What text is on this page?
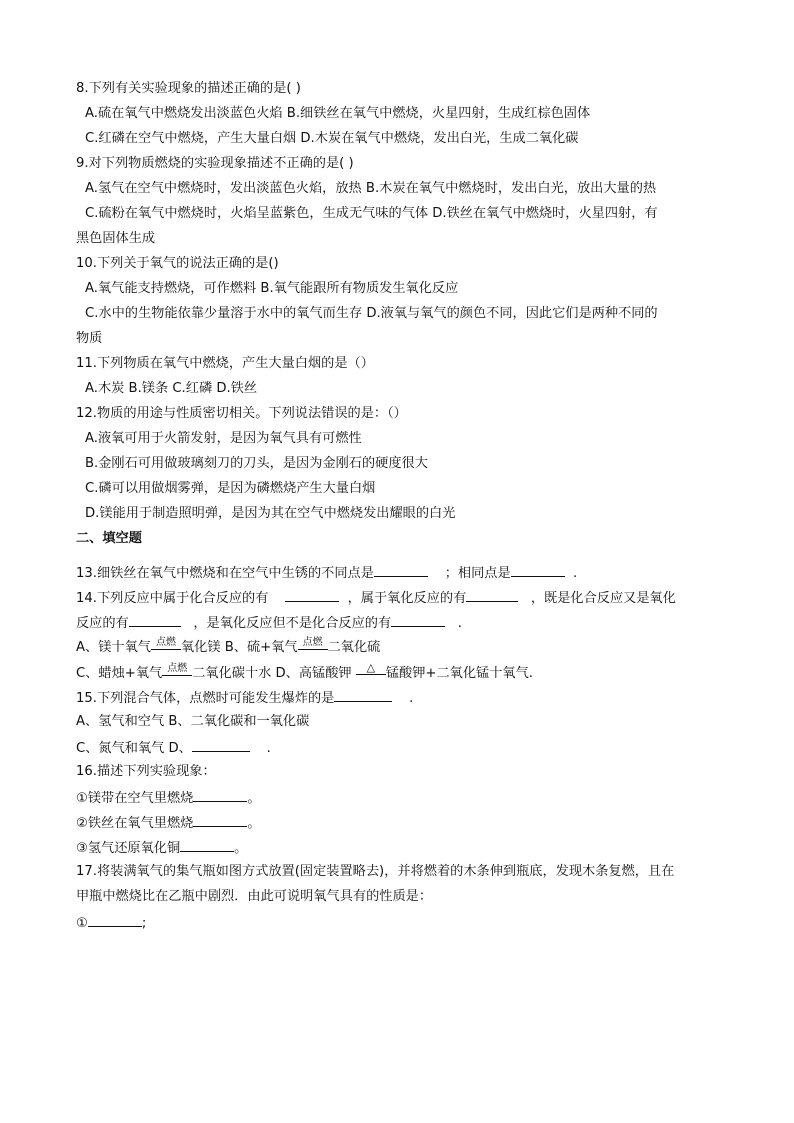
8.下列有关实验现象的描述正确的是( )
A.硫在氧气中燃烧发出淡蓝色火焰 B.细铁丝在氧气中燃烧，火星四射，生成红棕色固体
C.红磷在空气中燃烧，产生大量白烟 D.木炭在氧气中燃烧，发出白光，生成二氧化碳
9.对下列物质燃烧的实验现象描述不正确的是( )
A.氢气在空气中燃烧时，发出淡蓝色火焰，放热 B.木炭在氧气中燃烧时，发出白光，放出大量的热
C.硫粉在氧气中燃烧时，火焰呈蓝紫色，生成无气味的气体 D.铁丝在氧气中燃烧时，火星四射，有
黑色固体生成
10.下列关于氧气的说法正确的是()
A.氧气能支持燃烧，可作燃料 B.氧气能跟所有物质发生氧化反应
C.水中的生物能依靠少量溶于水中的氧气而生存 D.液氧与氧气的颜色不同，因此它们是两种不同的
物质
11.下列物质在氧气中燃烧，产生大量白烟的是（）
A.木炭 B.镁条 C.红磷 D.铁丝
12.物质的用途与性质密切相关。下列说法错误的是：（）
A.液氧可用于火箭发射，是因为氧气具有可燃性
B.金刚石可用做玻璃刻刀的刀头，是因为金刚石的硬度很大
C.磷可以用做烟雾弹，是因为磷燃烧产生大量白烟
D.镁能用于制造照明弹，是因为其在空气中燃烧发出耀眼的白光
二、填空题
13.细铁丝在氧气中燃烧和在空气中生锈的不同点是	；相同点是	.
14.下列反应中属于化合反应的有	，属于氧化反应的有	，既是化合反应又是氧化
反应的有	，是氧化反应但不是化合反应的有	.
A、镁十氧气 点燃 氧化镁 B、硫+氧气 点燃 二氧化硫
C、蜡烛+氧气 点燃 二氧化碳十水 D、高锰酸钾 △ 锰酸钾+二氧化锰十氧气.
15.下列混合气体，点燃时可能发生爆炸的是	.
A、氢气和空气 B、二氧化碳和一氧化碳
C、氮气和氧气 D、	.
16.描述下列实验现象：
①镁带在空气里燃烧	。
②铁丝在氧气里燃烧	。
③氢气还原氧化铜	。
17.将装满氧气的集气瓶如图方式放置(固定装置略去)，并将燃着的木条伸到瓶底，发现木条复燃，且在
甲瓶中燃烧比在乙瓶中剧烈．由此可说明氧气具有的性质是：
①	;
